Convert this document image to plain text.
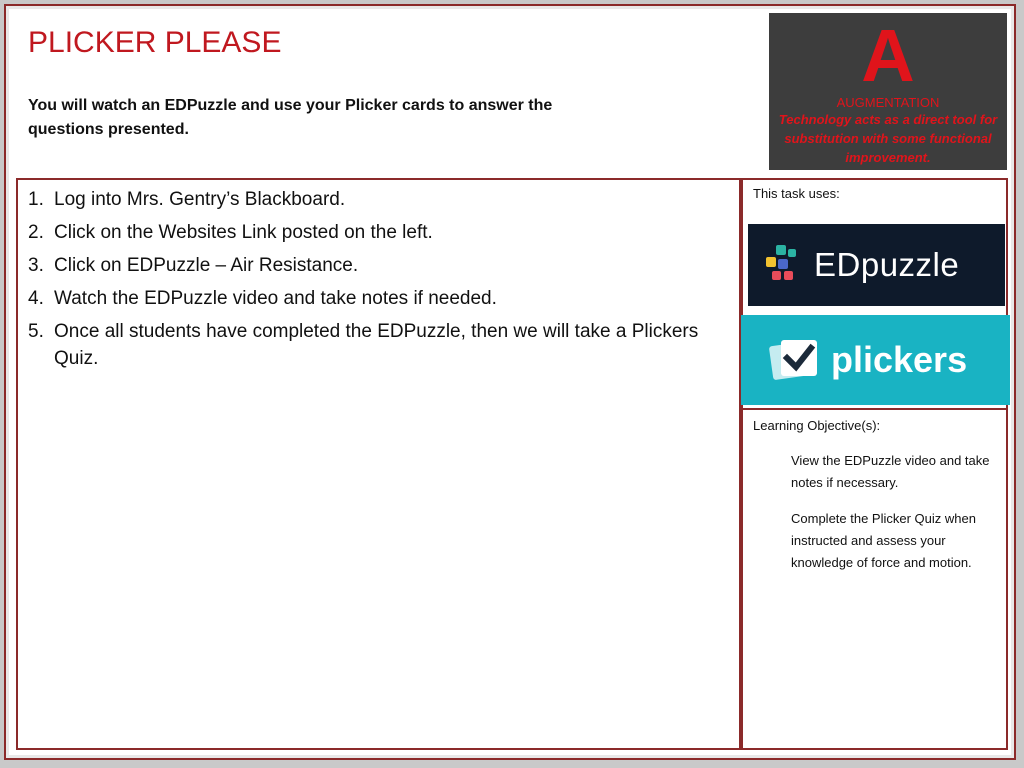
PLICKER PLEASE

You will watch an EDPuzzle and use your Plicker cards to answer the questions presented.

A
AUGMENTATION
Technology acts as a direct tool for substitution with some functional improvement.
1. Log into Mrs. Gentry’s Blackboard.
2. Click on the Websites Link posted on the left.
3. Click on EDPuzzle – Air Resistance.
4. Watch the EDPuzzle video and take notes if needed.
5. Once all students have completed the EDPuzzle, then we will take a Plickers Quiz.
This task uses:
EDpuzzle
plickers
Learning Objective(s):

View the EDPuzzle video and take notes if necessary.

Complete the Plicker Quiz when instructed and assess your knowledge of force and motion.
